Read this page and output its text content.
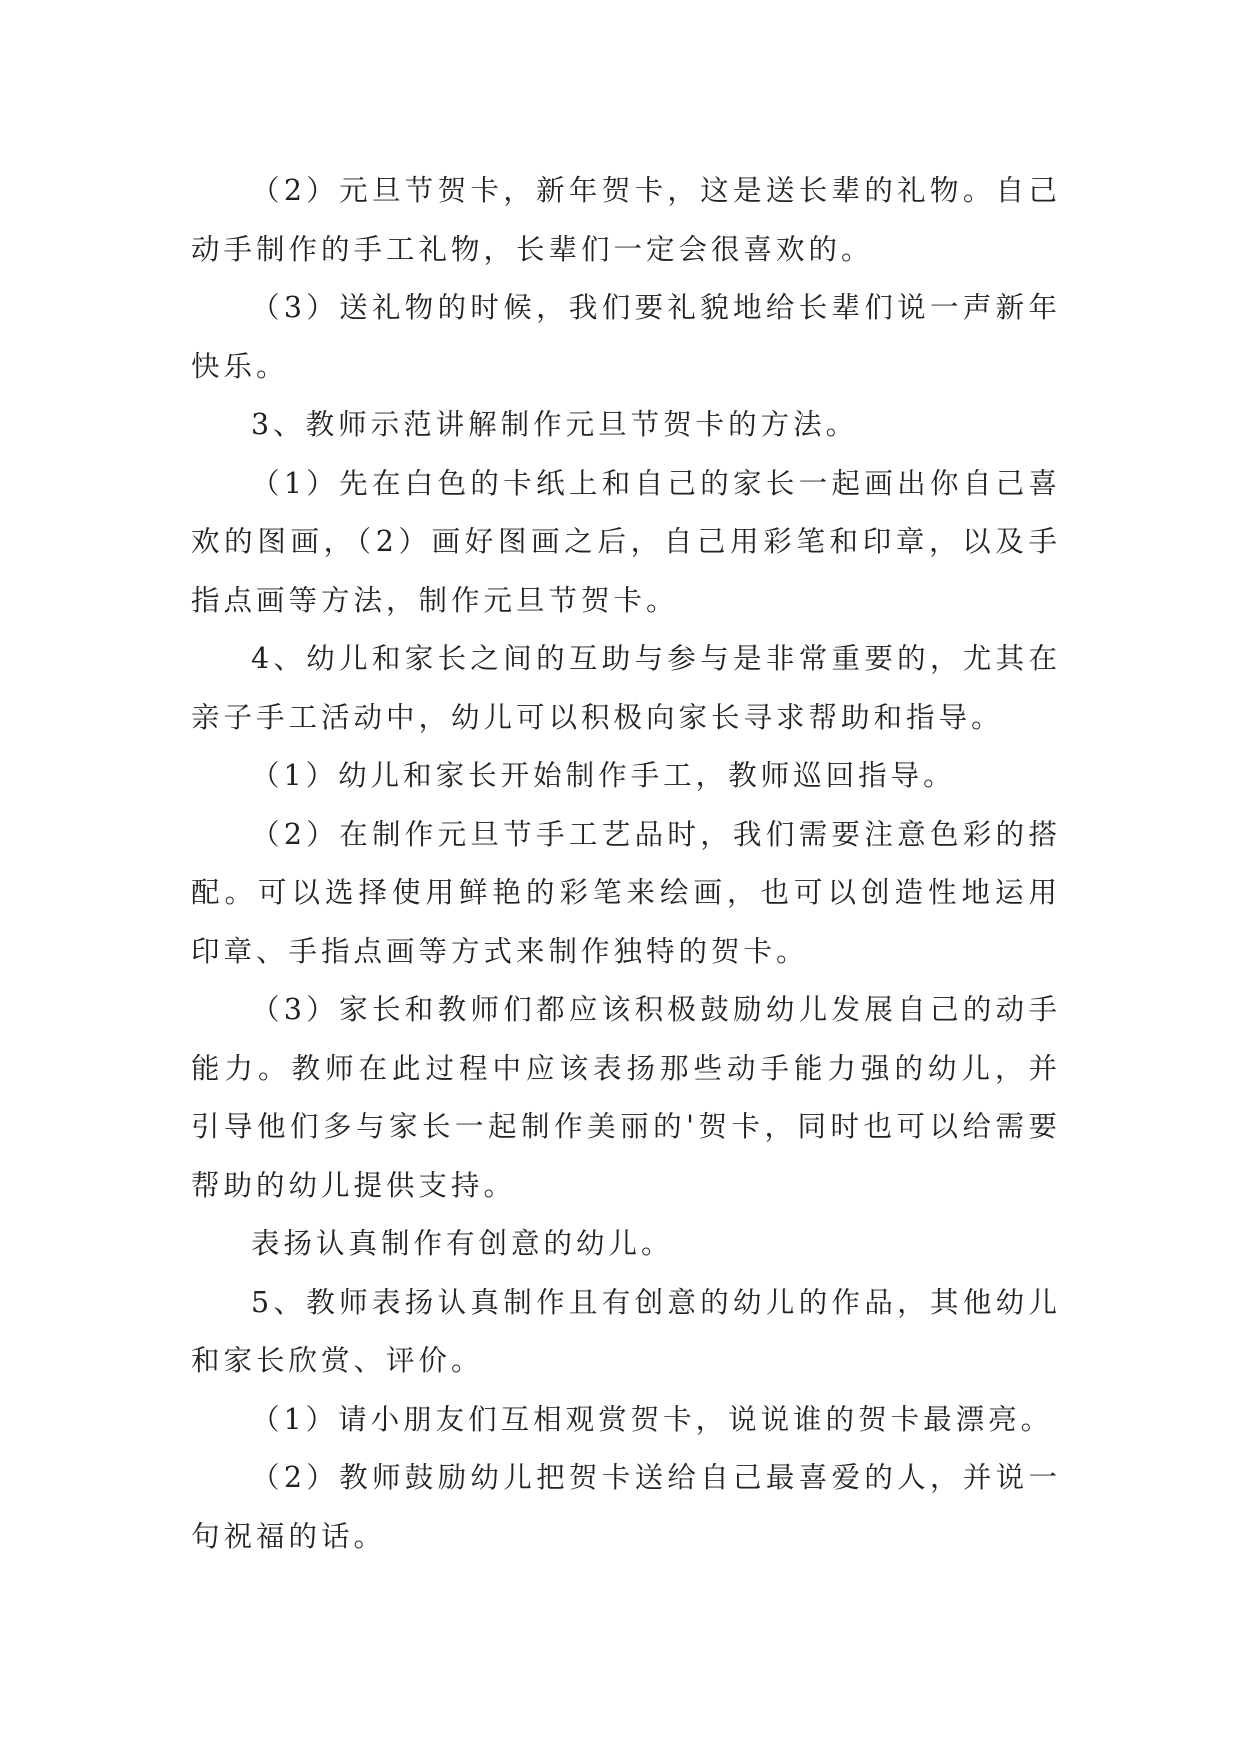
（2）元旦节贺卡，新年贺卡，这是送长辈的礼物。自己动手制作的手工礼物，长辈们一定会很喜欢的。

（3）送礼物的时候，我们要礼貌地给长辈们说一声新年快乐。

3、教师示范讲解制作元旦节贺卡的方法。

（1）先在白色的卡纸上和自己的家长一起画出你自己喜欢的图画，（2）画好图画之后，自己用彩笔和印章，以及手指点画等方法，制作元旦节贺卡。

4、幼儿和家长之间的互助与参与是非常重要的，尤其在亲子手工活动中，幼儿可以积极向家长寻求帮助和指导。

（1）幼儿和家长开始制作手工，教师巡回指导。

（2）在制作元旦节手工艺品时，我们需要注意色彩的搭配。可以选择使用鲜艳的彩笔来绘画，也可以创造性地运用印章、手指点画等方式来制作独特的贺卡。

（3）家长和教师们都应该积极鼓励幼儿发展自己的动手能力。教师在此过程中应该表扬那些动手能力强的幼儿，并引导他们多与家长一起制作美丽的'贺卡，同时也可以给需要帮助的幼儿提供支持。

表扬认真制作有创意的幼儿。

5、教师表扬认真制作且有创意的幼儿的作品，其他幼儿和家长欣赏、评价。

（1）请小朋友们互相观赏贺卡，说说谁的贺卡最漂亮。

（2）教师鼓励幼儿把贺卡送给自己最喜爱的人，并说一句祝福的话。
